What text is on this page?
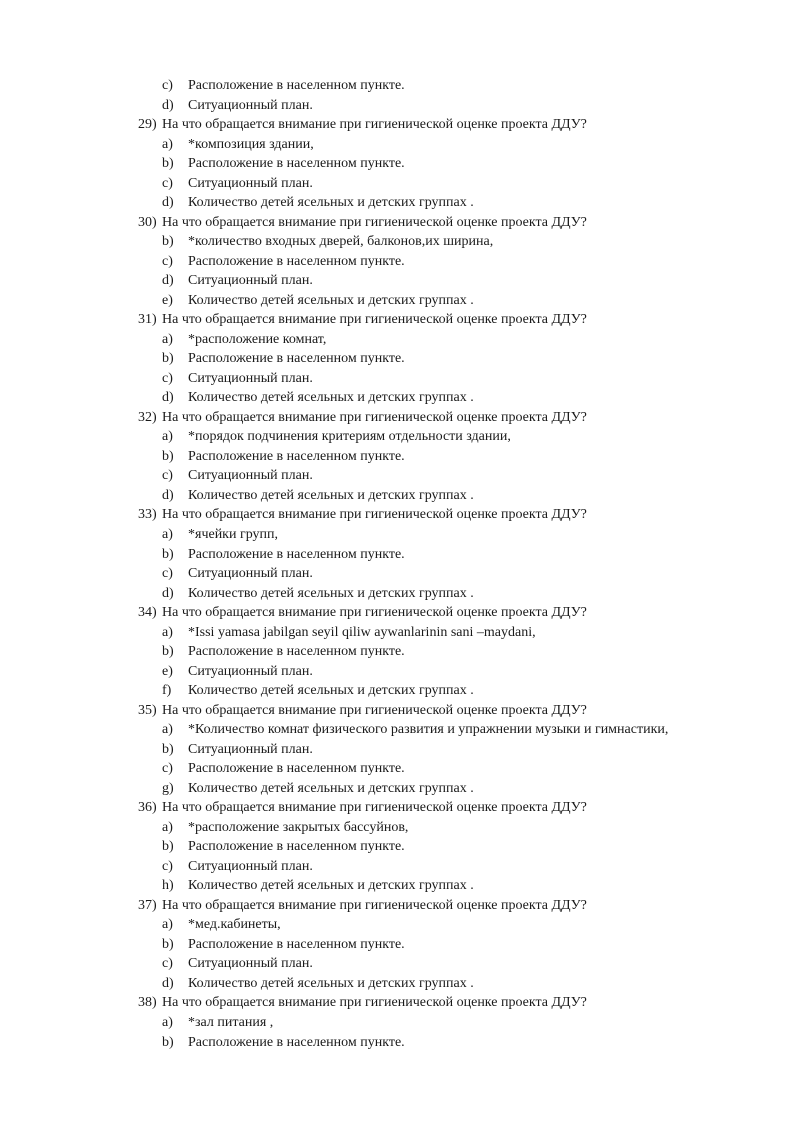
c) Расположение в населенном пункте.
d) Ситуационный план.
29) На что обращается внимание при гигиенической оценке проекта ДДУ?
a) *композиция здании,
b) Расположение в населенном пункте.
c) Ситуационный план.
d) Количество детей ясельных и детских группах .
30) На что обращается внимание при гигиенической оценке проекта ДДУ?
b) *количество входных дверей, балконов,их ширина,
c) Расположение в населенном пункте.
d) Ситуационный план.
e) Количество детей ясельных и детских группах .
31) На что обращается внимание при гигиенической оценке проекта ДДУ?
a) *расположение комнат,
b) Расположение в населенном пункте.
c) Ситуационный план.
d) Количество детей ясельных и детских группах .
32) На что обращается внимание при гигиенической оценке проекта ДДУ?
a) *порядок подчинения критериям отдельности здании,
b) Расположение в населенном пункте.
c) Ситуационный план.
d) Количество детей ясельных и детских группах .
33) На что обращается внимание при гигиенической оценке проекта ДДУ?
a) *ячейки групп,
b) Расположение в населенном пункте.
c) Ситуационный план.
d) Количество детей ясельных и детских группах .
34) На что обращается внимание при гигиенической оценке проекта ДДУ?
a) *Issi yamasa jabilgan seyil qiliw aywanlarinin sani –maydani,
b) Расположение в населенном пункте.
e) Ситуационный план.
f) Количество детей ясельных и детских группах .
35) На что обращается внимание при гигиенической оценке проекта ДДУ?
a) *Количество комнат физического развития и упражнении музыки и гимнастики,
b) Ситуационный план.
c) Расположение в населенном пункте.
g) Количество детей ясельных и детских группах .
36) На что обращается внимание при гигиенической оценке проекта ДДУ?
a) *расположение закрытых бассуйнов,
b) Расположение в населенном пункте.
c) Ситуационный план.
h) Количество детей ясельных и детских группах .
37) На что обращается внимание при гигиенической оценке проекта ДДУ?
a) *мед.кабинеты,
b) Расположение в населенном пункте.
c) Ситуационный план.
d) Количество детей ясельных и детских группах .
38) На что обращается внимание при гигиенической оценке проекта ДДУ?
a) *зал питания ,
b) Расположение в населенном пункте.
